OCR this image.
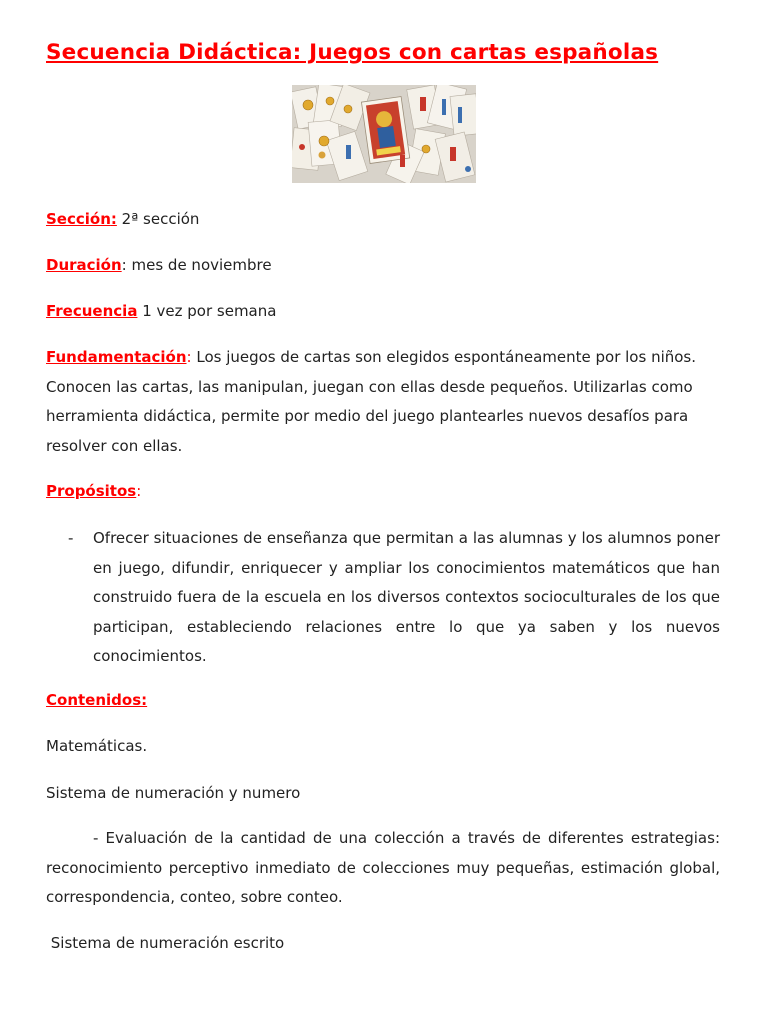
Secuencia Didáctica: Juegos con cartas españolas
Sección: 2ª sección
Duración: mes de noviembre
Frecuencia 1 vez por semana

Fundamentación: Los juegos de cartas son elegidos espontáneamente por los niños. Conocen las cartas, las manipulan, juegan con ellas desde pequeños. Utilizarlas como herramienta didáctica, permite por medio del juego plantearles nuevos desafíos para resolver con ellas.

Propósitos:
- Ofrecer situaciones de enseñanza que permitan a las alumnas y los alumnos poner en juego, difundir, enriquecer y ampliar los conocimientos matemáticos que han construido fuera de la escuela en los diversos contextos socioculturales de los que participan, estableciendo relaciones entre lo que ya saben y los nuevos conocimientos.

Contenidos:
Matemáticas.
Sistema de numeración y numero

- Evaluación de la cantidad de una colección a través de diferentes estrategias: reconocimiento perceptivo inmediato de colecciones muy pequeñas, estimación global, correspondencia, conteo, sobre conteo.

Sistema de numeración escrito
